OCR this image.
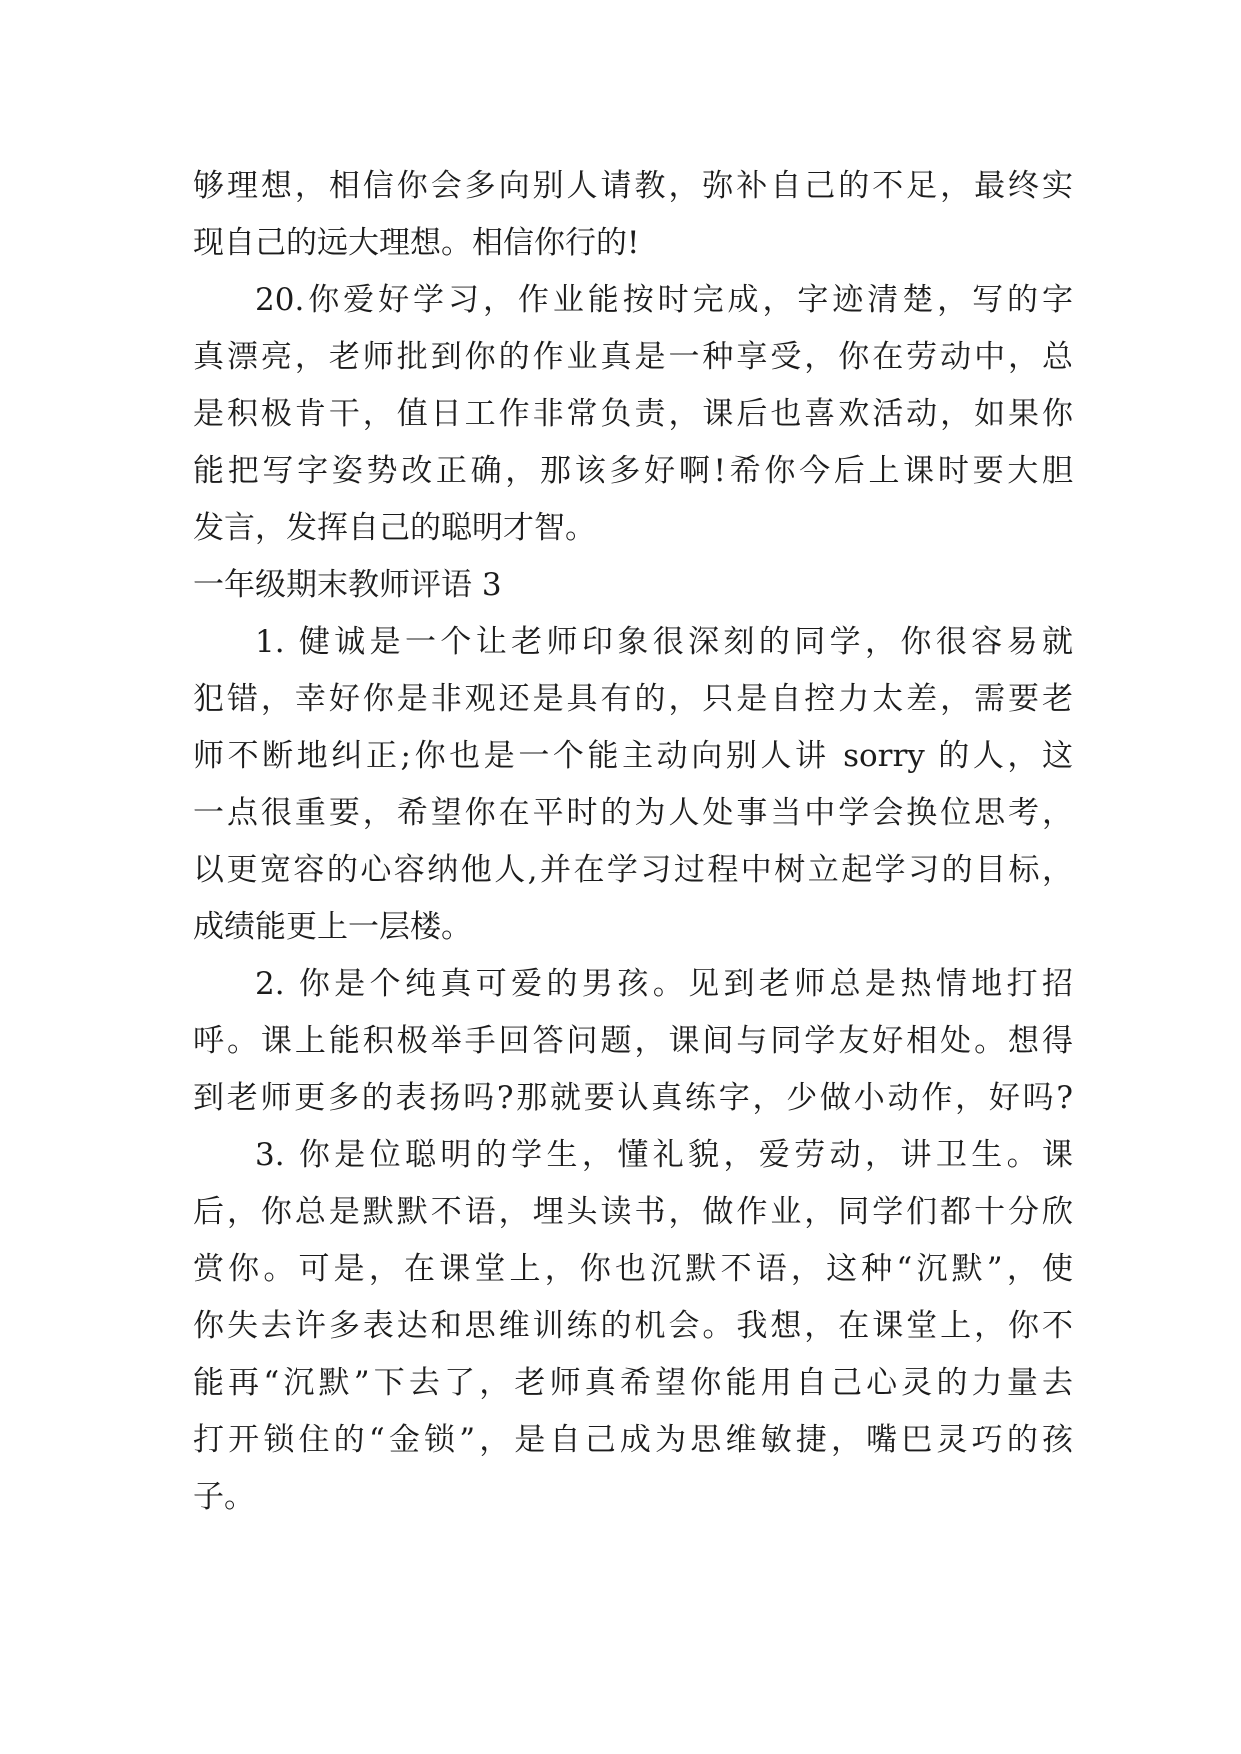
够理想，相信你会多向别人请教，弥补自己的不足，最终实
现自己的远大理想。相信你行的!
20.你爱好学习，作业能按时完成，字迹清楚，写的字
真漂亮，老师批到你的作业真是一种享受，你在劳动中，总
是积极肯干，值日工作非常负责，课后也喜欢活动，如果你
能把写字姿势改正确，那该多好啊!希你今后上课时要大胆
发言，发挥自己的聪明才智。
一年级期末教师评语 3
1. 健诚是一个让老师印象很深刻的同学，你很容易就
犯错，幸好你是非观还是具有的，只是自控力太差，需要老
师不断地纠正;你也是一个能主动向别人讲 sorry 的人，这
一点很重要，希望你在平时的为人处事当中学会换位思考，
以更宽容的心容纳他人,并在学习过程中树立起学习的目标，
成绩能更上一层楼。
2. 你是个纯真可爱的男孩。见到老师总是热情地打招
呼。课上能积极举手回答问题，课间与同学友好相处。想得
到老师更多的表扬吗?那就要认真练字，少做小动作，好吗?
3. 你是位聪明的学生，懂礼貌，爱劳动，讲卫生。课
后，你总是默默不语，埋头读书，做作业，同学们都十分欣
赏你。可是，在课堂上，你也沉默不语，这种“沉默”，使
你失去许多表达和思维训练的机会。我想，在课堂上，你不
能再“沉默”下去了，老师真希望你能用自己心灵的力量去
打开锁住的“金锁”，是自己成为思维敏捷，嘴巴灵巧的孩
子。
